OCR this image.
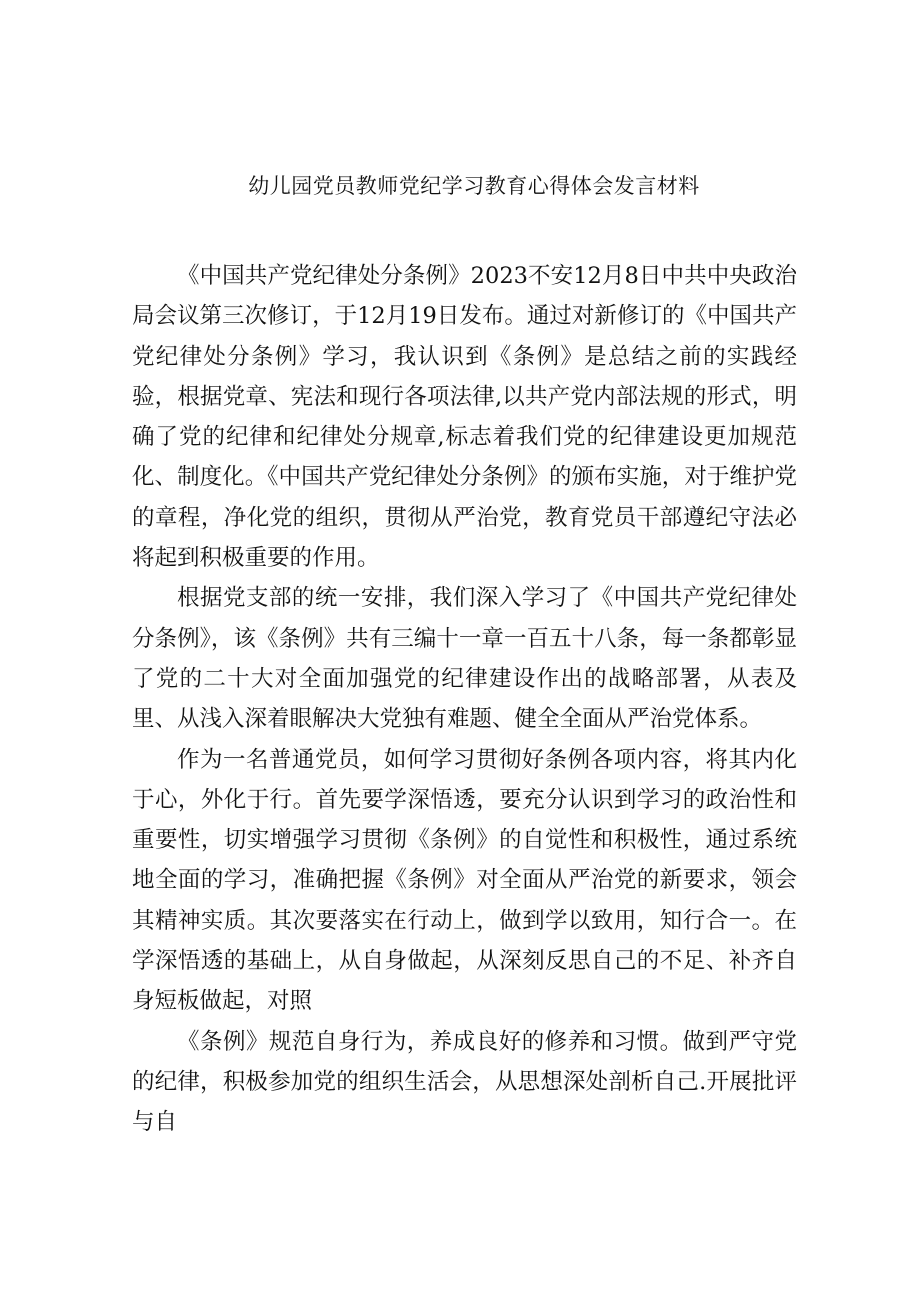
幼儿园党员教师党纪学习教育心得体会发言材料

《中国共产党纪律处分条例》2023不安12月8日中共中央政治局会议第三次修订，于12月19日发布。通过对新修订的《中国共产党纪律处分条例》学习，我认识到《条例》是总结之前的实践经验，根据党章、宪法和现行各项法律,以共产党内部法规的形式，明确了党的纪律和纪律处分规章,标志着我们党的纪律建设更加规范化、制度化。《中国共产党纪律处分条例》的颁布实施，对于维护党的章程，净化党的组织，贯彻从严治党，教育党员干部遵纪守法必将起到积极重要的作用。

根据党支部的统一安排，我们深入学习了《中国共产党纪律处分条例》，该《条例》共有三编十一章一百五十八条，每一条都彰显了党的二十大对全面加强党的纪律建设作出的战略部署，从表及里、从浅入深着眼解决大党独有难题、健全全面从严治党体系。

作为一名普通党员，如何学习贯彻好条例各项内容，将其内化于心，外化于行。首先要学深悟透，要充分认识到学习的政治性和重要性，切实增强学习贯彻《条例》的自觉性和积极性，通过系统地全面的学习，准确把握《条例》对全面从严治党的新要求，领会其精神实质。其次要落实在行动上，做到学以致用，知行合一。在学深悟透的基础上，从自身做起，从深刻反思自己的不足、补齐自身短板做起，对照

《条例》规范自身行为，养成良好的修养和习惯。做到严守党的纪律，积极参加党的组织生活会，从思想深处剖析自己.开展批评与自
